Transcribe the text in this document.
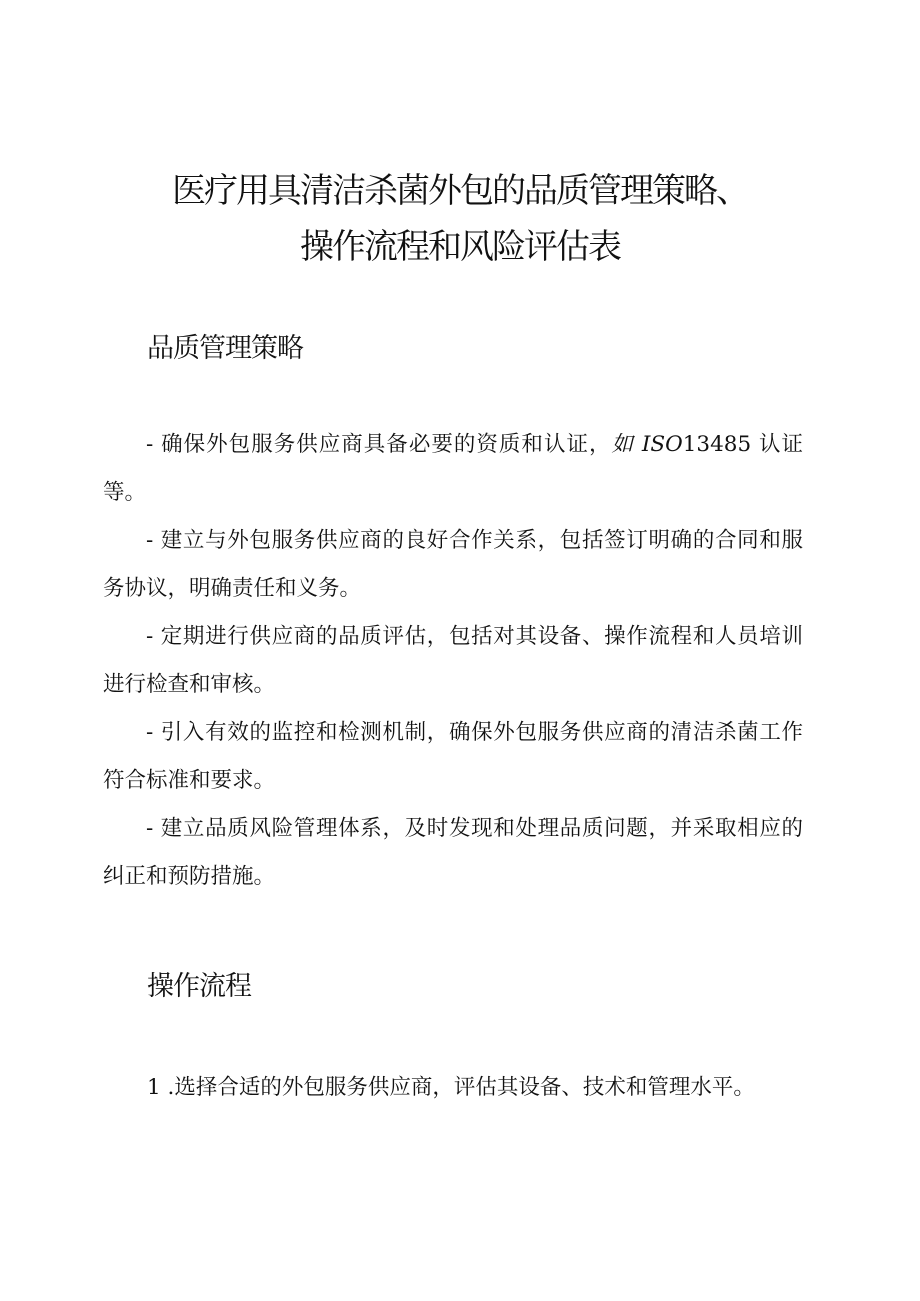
医疗用具清洁杀菌外包的品质管理策略、
操作流程和风险评估表
品质管理策略

- 确保外包服务供应商具备必要的资质和认证，如 ISO13485 认证等。

- 建立与外包服务供应商的良好合作关系，包括签订明确的合同和服务协议，明确责任和义务。

- 定期进行供应商的品质评估，包括对其设备、操作流程和人员培训进行检查和审核。

- 引入有效的监控和检测机制，确保外包服务供应商的清洁杀菌工作符合标准和要求。

- 建立品质风险管理体系，及时发现和处理品质问题，并采取相应的纠正和预防措施。

操作流程

1 .选择合适的外包服务供应商，评估其设备、技术和管理水平。
